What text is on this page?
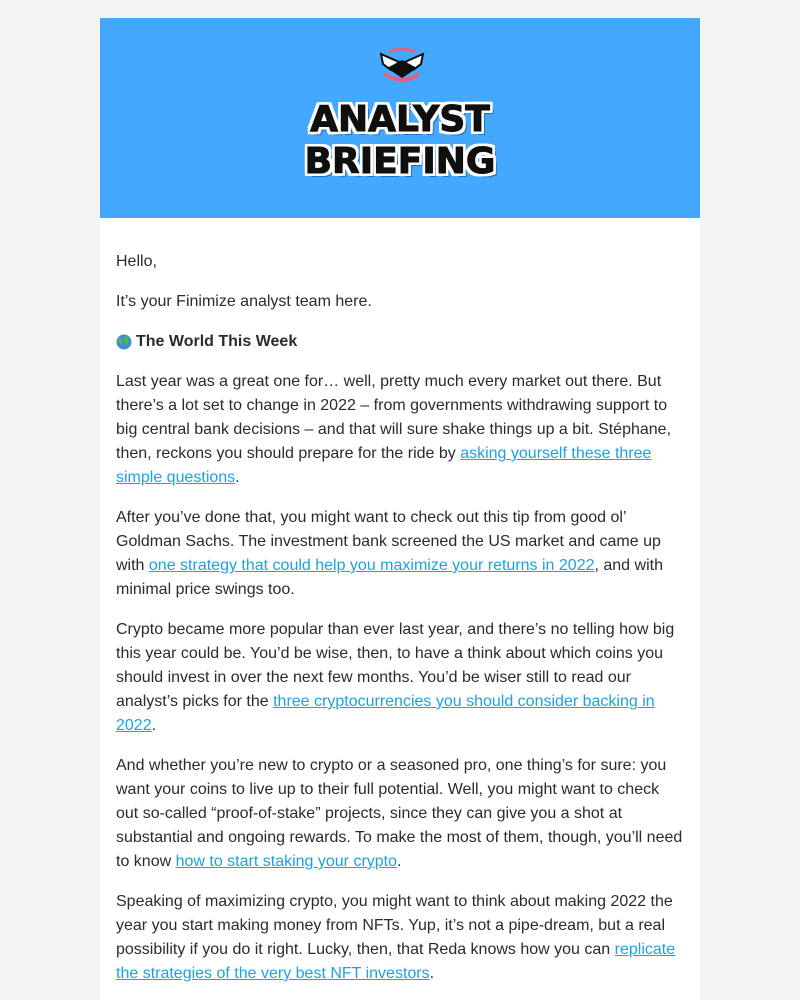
ANALYST
BRIEFING

Hello,

It’s your Finimize analyst team here.

The World This Week

Last year was a great one for… well, pretty much every market out there. But there’s a lot set to change in 2022 – from governments withdrawing support to big central bank decisions – and that will sure shake things up a bit. Stéphane, then, reckons you should prepare for the ride by asking yourself these three simple questions.

After you’ve done that, you might want to check out this tip from good ol’ Goldman Sachs. The investment bank screened the US market and came up with one strategy that could help you maximize your returns in 2022, and with minimal price swings too.

Crypto became more popular than ever last year, and there’s no telling how big this year could be. You’d be wise, then, to have a think about which coins you should invest in over the next few months. You’d be wiser still to read our analyst’s picks for the three cryptocurrencies you should consider backing in 2022.

And whether you’re new to crypto or a seasoned pro, one thing’s for sure: you want your coins to live up to their full potential. Well, you might want to check out so-called “proof-of-stake” projects, since they can give you a shot at substantial and ongoing rewards. To make the most of them, though, you’ll need to know how to start staking your crypto.

Speaking of maximizing crypto, you might want to think about making 2022 the year you start making money from NFTs. Yup, it’s not a pipe-dream, but a real possibility if you do it right. Lucky, then, that Reda knows how you can replicate the strategies of the very best NFT investors.
